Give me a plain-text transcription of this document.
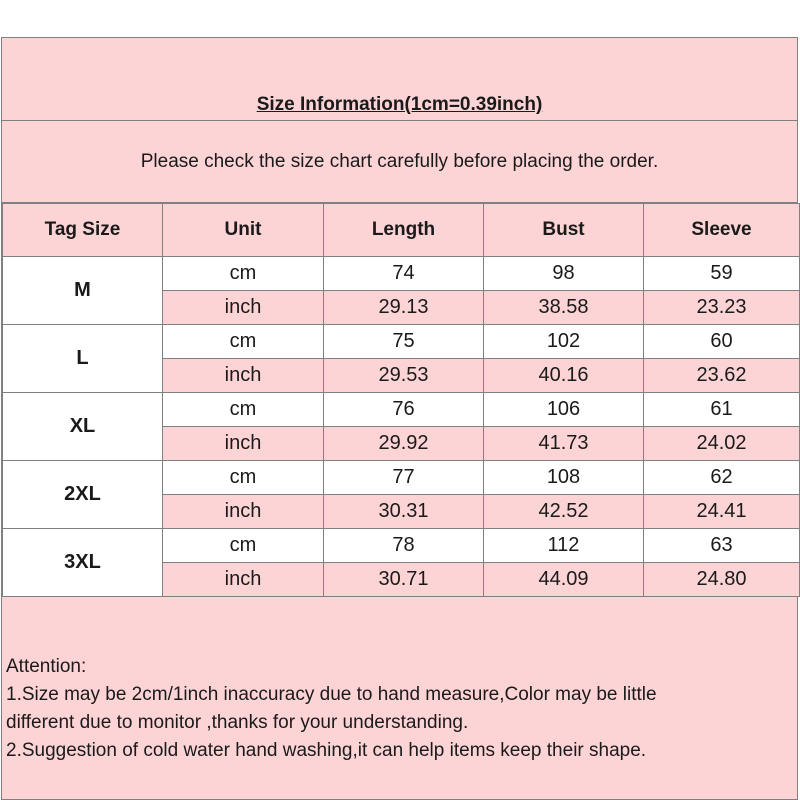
Size Information(1cm=0.39inch)
Please check the size chart carefully before placing the order.
Tag Size	Unit	Length	Bust	Sleeve
M	cm	74	98	59
	inch	29.13	38.58	23.23
L	cm	75	102	60
	inch	29.53	40.16	23.62
XL	cm	76	106	61
	inch	29.92	41.73	24.02
2XL	cm	77	108	62
	inch	30.31	42.52	24.41
3XL	cm	78	112	63
	inch	30.71	44.09	24.80
Attention:
1.Size may be 2cm/1inch inaccuracy due to hand measure,Color may be little
different due to monitor ,thanks for your understanding.
2.Suggestion of cold water hand washing,it can help items keep their shape.
